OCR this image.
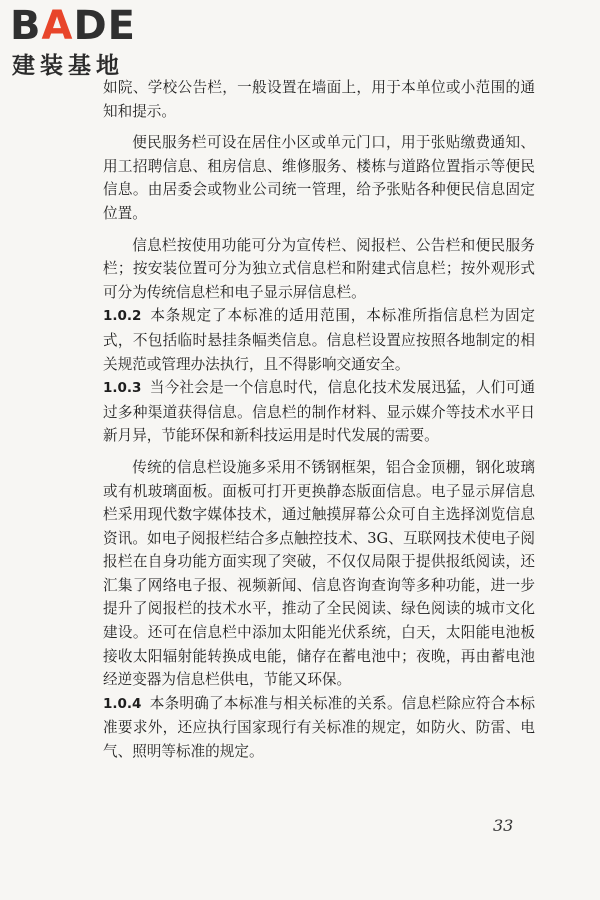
BADE
建装基地

如院、学校公告栏，一般设置在墙面上，用于本单位或小范围的通知和提示。

便民服务栏可设在居住小区或单元门口，用于张贴缴费通知、用工招聘信息、租房信息、维修服务、楼栋与道路位置指示等便民信息。由居委会或物业公司统一管理，给予张贴各种便民信息固定位置。

信息栏按使用功能可分为宣传栏、阅报栏、公告栏和便民服务栏；按安装位置可分为独立式信息栏和附建式信息栏；按外观形式可分为传统信息栏和电子显示屏信息栏。

1.0.2 本条规定了本标准的适用范围，本标准所指信息栏为固定式，不包括临时悬挂条幅类信息。信息栏设置应按照各地制定的相关规范或管理办法执行，且不得影响交通安全。

1.0.3 当今社会是一个信息时代，信息化技术发展迅猛，人们可通过多种渠道获得信息。信息栏的制作材料、显示媒介等技术水平日新月异，节能环保和新科技运用是时代发展的需要。

传统的信息栏设施多采用不锈钢框架，铝合金顶棚，钢化玻璃或有机玻璃面板。面板可打开更换静态版面信息。电子显示屏信息栏采用现代数字媒体技术，通过触摸屏幕公众可自主选择浏览信息资讯。如电子阅报栏结合多点触控技术、3G、互联网技术使电子阅报栏在自身功能方面实现了突破，不仅仅局限于提供报纸阅读，还汇集了网络电子报、视频新闻、信息咨询查询等多种功能，进一步提升了阅报栏的技术水平，推动了全民阅读、绿色阅读的城市文化建设。还可在信息栏中添加太阳能光伏系统，白天，太阳能电池板接收太阳辐射能转换成电能，储存在蓄电池中；夜晚，再由蓄电池经逆变器为信息栏供电，节能又环保。

1.0.4 本条明确了本标准与相关标准的关系。信息栏除应符合本标准要求外，还应执行国家现行有关标准的规定，如防火、防雷、电气、照明等标准的规定。

33
